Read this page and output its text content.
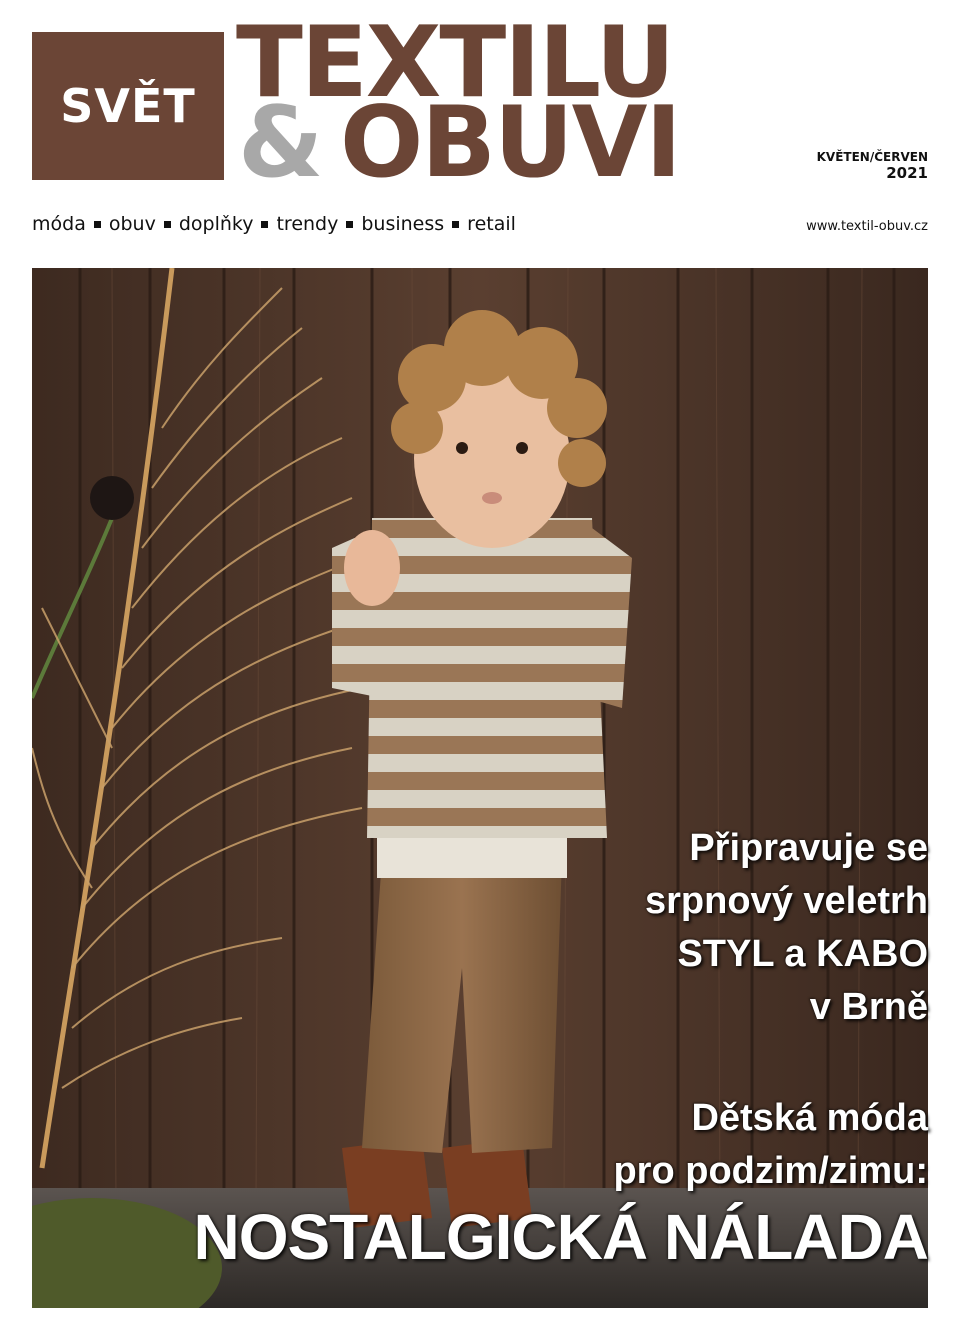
SVĚT TEXTILU
& OBUVI	KVĚTEN/ČERVEN
2021
móda obuv doplňky trendy business retail	www.textil-obuv.cz
Připravuje se
srpnový veletrh
STYL a KABO
v Brně
Dětská móda
pro podzim/zimu:
NOSTALGICKÁ NÁLADA
